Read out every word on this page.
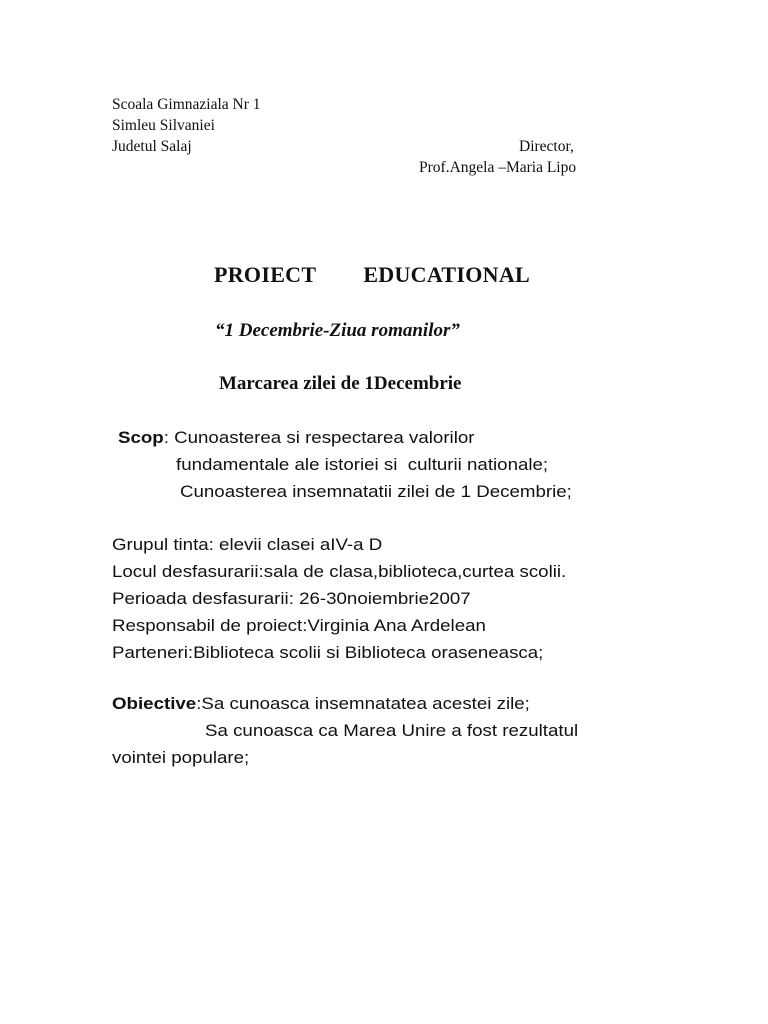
Scoala Gimnaziala Nr 1
Simleu Silvaniei
Judetul Salaj	Director,
Prof.Angela –Maria Lipo
PROIECT   EDUCATIONAL
“1 Decembrie-Ziua romanilor”
Marcarea zilei de 1Decembrie
Scop: Cunoasterea si respectarea valorilor
fundamentale ale istoriei si  culturii nationale;
Cunoasterea insemnatatii zilei de 1 Decembrie;
Grupul tinta: elevii clasei aIV-a D
Locul desfasurarii:sala de clasa,biblioteca,curtea scolii.
Perioada desfasurarii: 26-30noiembrie2007
Responsabil de proiect:Virginia Ana Ardelean
Parteneri:Biblioteca scolii si Biblioteca oraseneasca;
Obiective:Sa cunoasca insemnatatea acestei zile;
Sa cunoasca ca Marea Unire a fost rezultatul
vointei populare;
